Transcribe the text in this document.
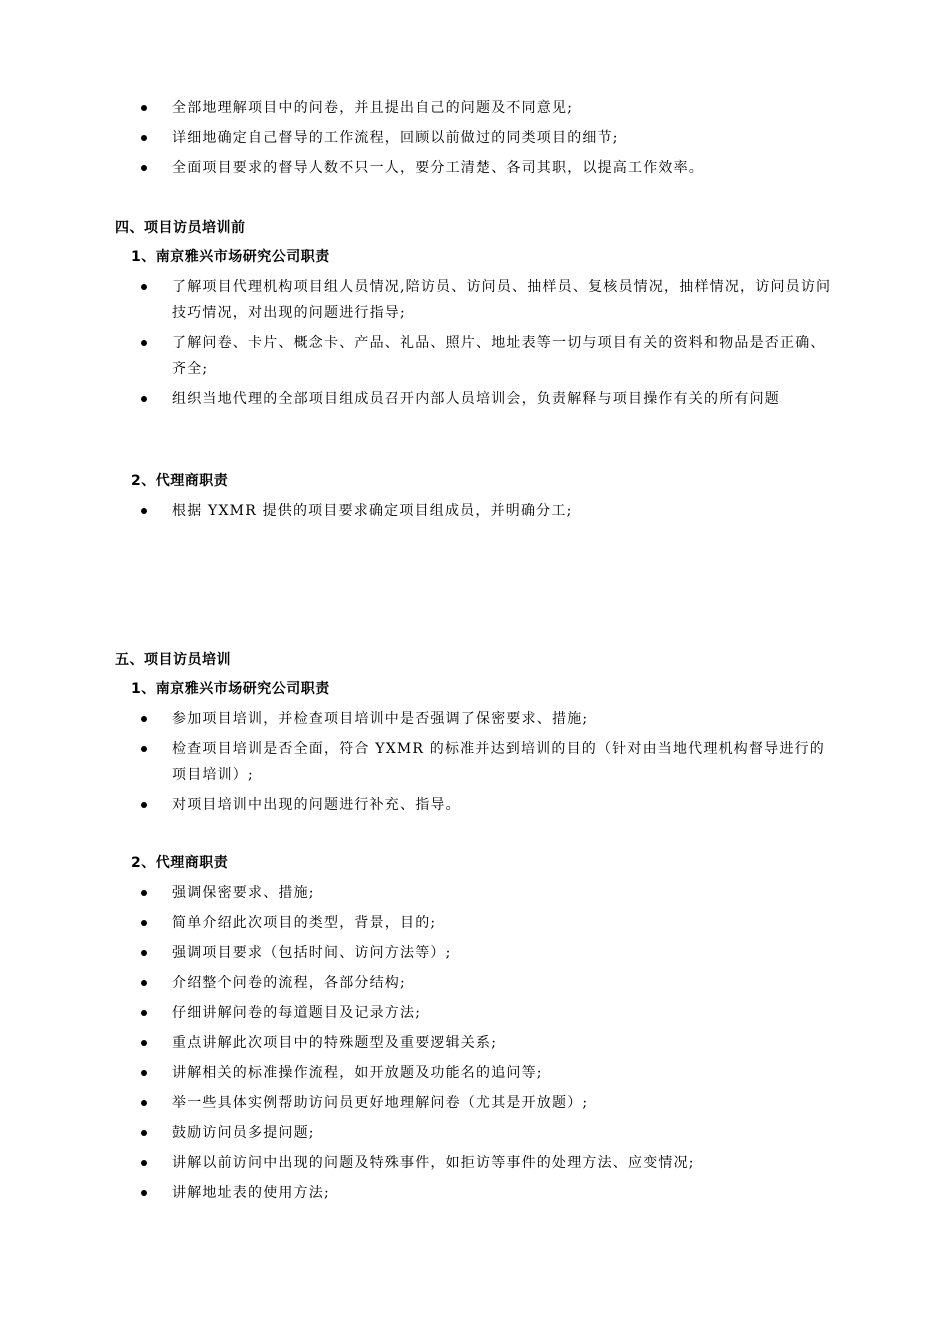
全部地理解项目中的问卷，并且提出自己的问题及不同意见;
详细地确定自己督导的工作流程，回顾以前做过的同类项目的细节;
全面项目要求的督导人数不只一人，要分工清楚、各司其职，以提高工作效率。
四、项目访员培训前
1、南京雅兴市场研究公司职责
了解项目代理机构项目组人员情况,陪访员、访问员、抽样员、复核员情况，抽样情况，访问员访问技巧情况，对出现的问题进行指导;
了解问卷、卡片、概念卡、产品、礼品、照片、地址表等一切与项目有关的资料和物品是否正确、齐全;
组织当地代理的全部项目组成员召开内部人员培训会，负责解释与项目操作有关的所有问题
2、代理商职责
根据 YXMR 提供的项目要求确定项目组成员，并明确分工;
五、项目访员培训
1、南京雅兴市场研究公司职责
参加项目培训，并检查项目培训中是否强调了保密要求、措施;
检查项目培训是否全面，符合 YXMR 的标准并达到培训的目的（针对由当地代理机构督导进行的项目培训）;
对项目培训中出现的问题进行补充、指导。
2、代理商职责
强调保密要求、措施;
简单介绍此次项目的类型，背景，目的;
强调项目要求（包括时间、访问方法等）;
介绍整个问卷的流程，各部分结构;
仔细讲解问卷的每道题目及记录方法;
重点讲解此次项目中的特殊题型及重要逻辑关系;
讲解相关的标准操作流程，如开放题及功能名的追问等;
举一些具体实例帮助访问员更好地理解问卷（尤其是开放题）;
鼓励访问员多提问题;
讲解以前访问中出现的问题及特殊事件，如拒访等事件的处理方法、应变情况;
讲解地址表的使用方法;
